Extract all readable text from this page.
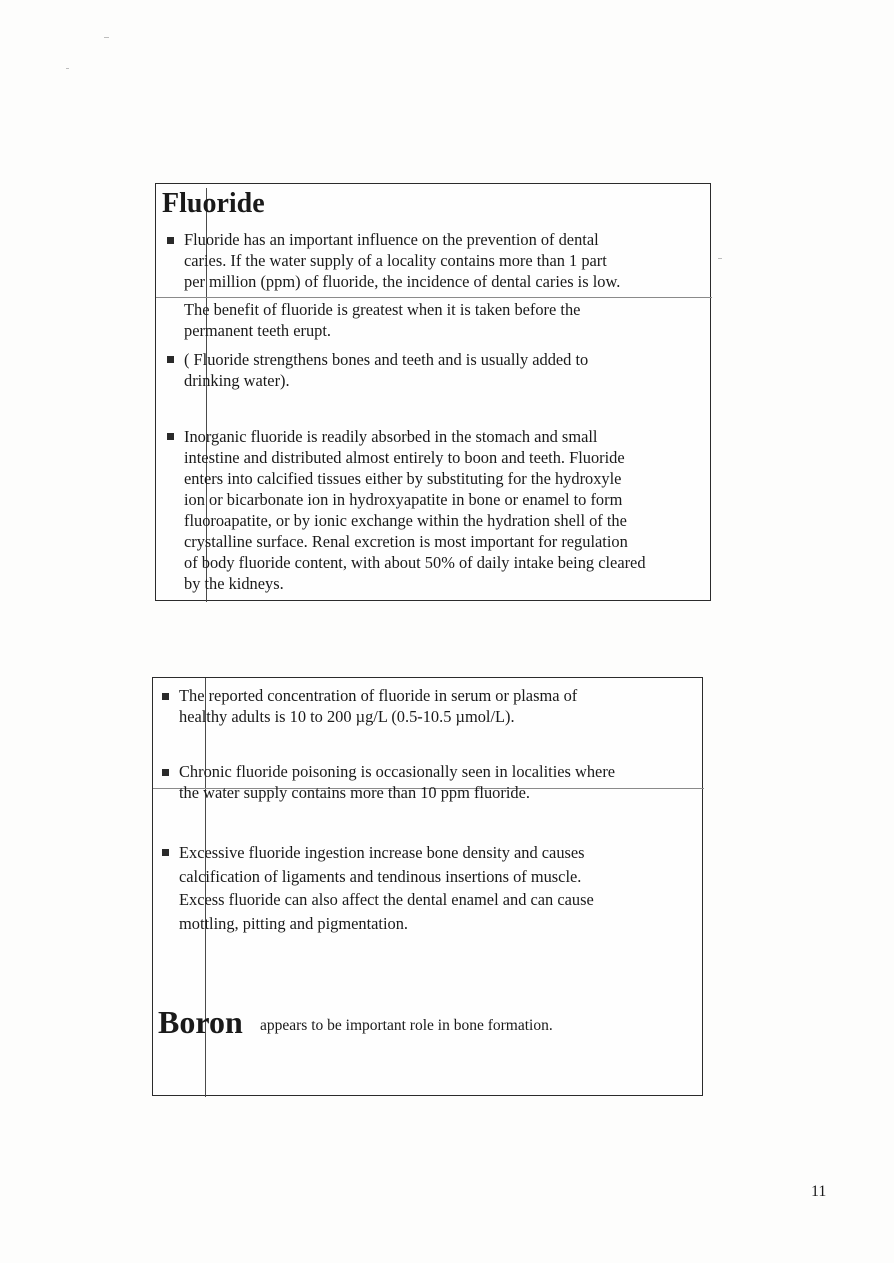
Fluoride

Fluoride has an important influence on the prevention of dental
caries. If the water supply of a locality contains more than 1 part
per million (ppm) of fluoride, the incidence of dental caries is low.

The benefit of fluoride is greatest when it is taken before the
permanent teeth erupt.

( Fluoride strengthens bones and teeth and is usually added to
drinking water).

Inorganic fluoride is readily absorbed in the stomach and small
intestine and distributed almost entirely to boon and teeth. Fluoride
enters into calcified tissues either by substituting for the hydroxyle
ion or bicarbonate ion in hydroxyapatite in bone or enamel to form
fluoroapatite, or by ionic exchange within the hydration shell of the
crystalline surface. Renal excretion is most important for regulation
of body fluoride content, with about 50% of daily intake being cleared
by the kidneys.

The reported concentration of fluoride in serum or plasma of
healthy adults is 10 to 200 µg/L (0.5-10.5 µmol/L).

Chronic fluoride poisoning is occasionally seen in localities where
the water supply contains more than 10 ppm fluoride.

Excessive fluoride ingestion increase bone density and causes
calcification of ligaments and tendinous insertions of muscle.
Excess fluoride can also affect the dental enamel and can cause
mottling, pitting and pigmentation.

Boron appears to be important role in bone formation.

11
